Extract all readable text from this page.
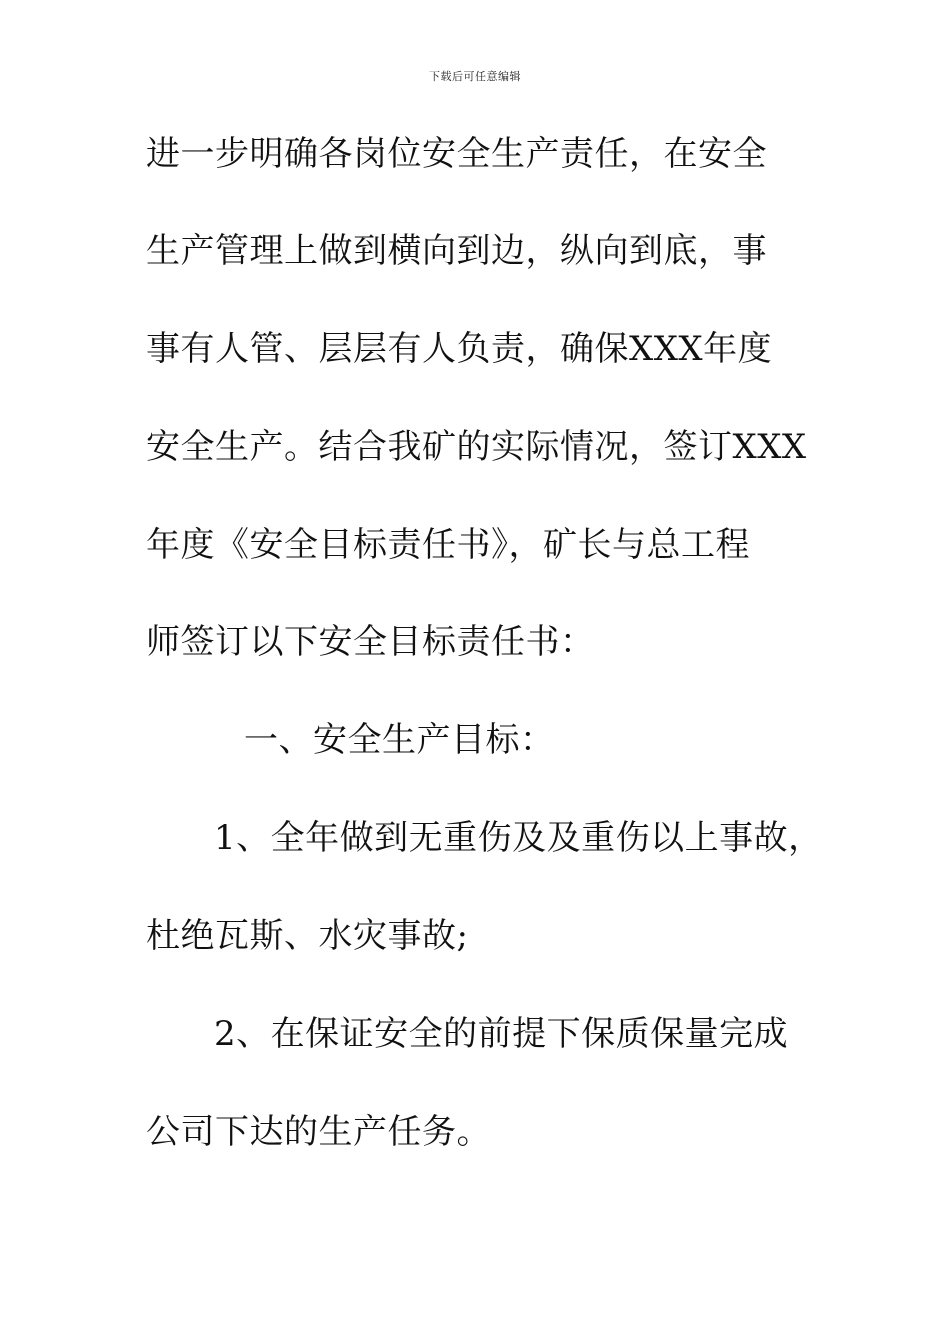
下载后可任意编辑
进一步明确各岗位安全生产责任，在安全
生产管理上做到横向到边，纵向到底，事
事有人管、层层有人负责，确保XXX年度
安全生产。结合我矿的实际情况，签订XXX
年度《安全目标责任书》，矿长与总工程
师签订以下安全目标责任书：
一、安全生产目标：
1、全年做到无重伤及及重伤以上事故，
杜绝瓦斯、水灾事故;
2、在保证安全的前提下保质保量完成
公司下达的生产任务。
